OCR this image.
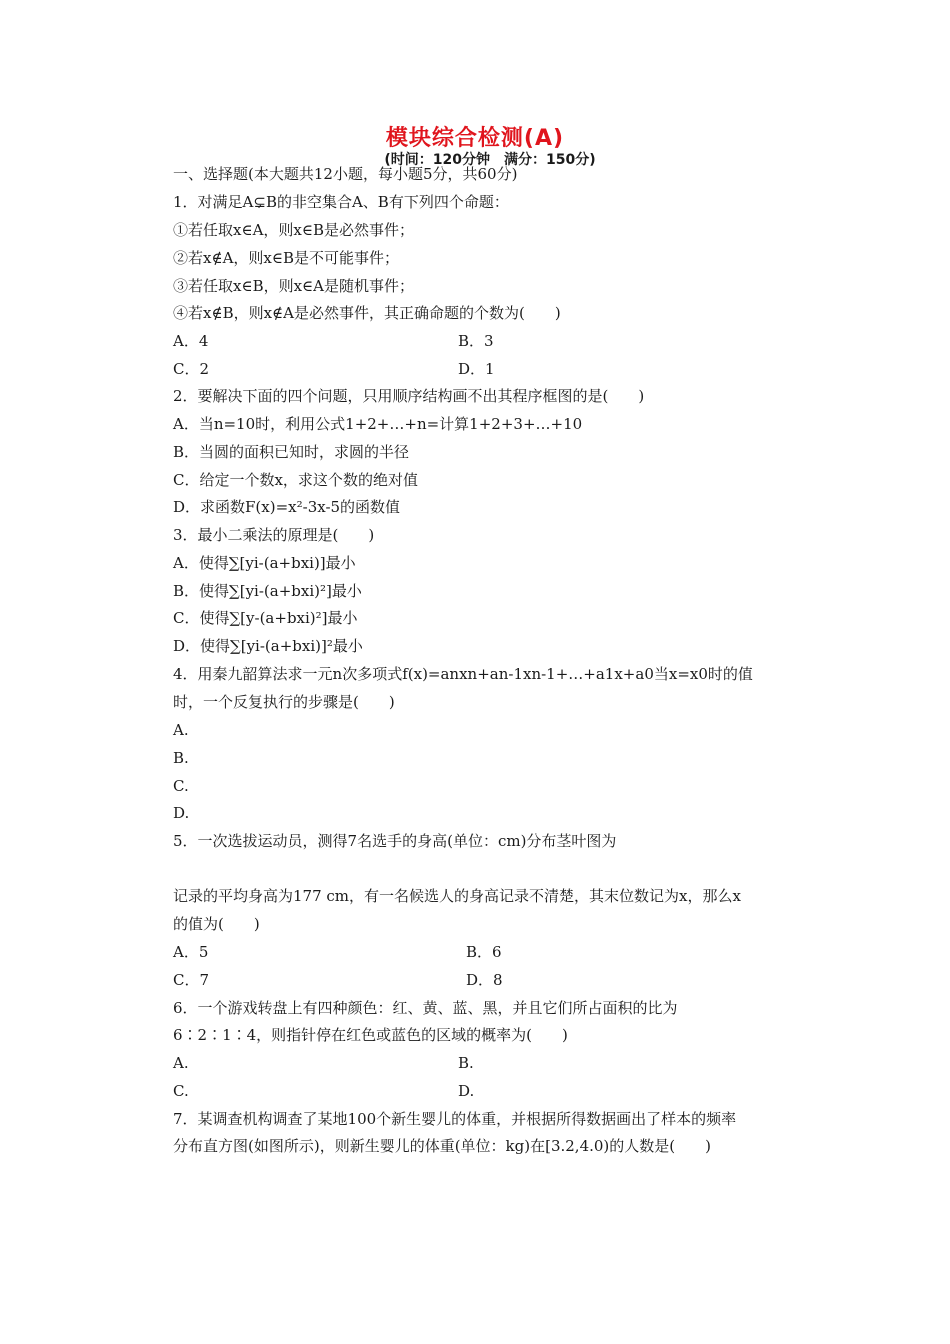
模块综合检测(A)
(时间：120分钟　满分：150分)
一、选择题(本大题共12小题，每小题5分，共60分)
1．对满足A⊊B的非空集合A、B有下列四个命题：
①若任取x∈A，则x∈B是必然事件；
②若x∉A，则x∈B是不可能事件；
③若任取x∈B，则x∈A是随机事件；
④若x∉B，则x∉A是必然事件，其正确命题的个数为(　　)
A．4	B．3
C．2	D．1
2．要解决下面的四个问题，只用顺序结构画不出其程序框图的是(　　)
A．当n=10时，利用公式1+2+…+n=计算1+2+3+…+10
B．当圆的面积已知时，求圆的半径
C．给定一个数x，求这个数的绝对值
D．求函数F(x)=x²-3x-5的函数值
3．最小二乘法的原理是(　　)
A．使得∑[yi-(a+bxi)]最小
B．使得∑[yi-(a+bxi)²]最小
C．使得∑[y-(a+bxi)²]最小
D．使得∑[yi-(a+bxi)]²最小
4．用秦九韶算法求一元n次多项式f(x)=anxn+an-1xn-1+…+a1x+a0当x=x0时的值
时，一个反复执行的步骤是(　　)
A.
B.
C.
D.
5．一次选拔运动员，测得7名选手的身高(单位：cm)分布茎叶图为
记录的平均身高为177 cm，有一名候选人的身高记录不清楚，其末位数记为x，那么x
的值为(　　)
A．5	B．6
C．7	D．8
6．一个游戏转盘上有四种颜色：红、黄、蓝、黑，并且它们所占面积的比为
6∶2∶1∶4，则指针停在红色或蓝色的区域的概率为(　　)
A.	B.
C.	D.
7．某调查机构调查了某地100个新生婴儿的体重，并根据所得数据画出了样本的频率
分布直方图(如图所示)，则新生婴儿的体重(单位：kg)在[3.2,4.0)的人数是(　　)
